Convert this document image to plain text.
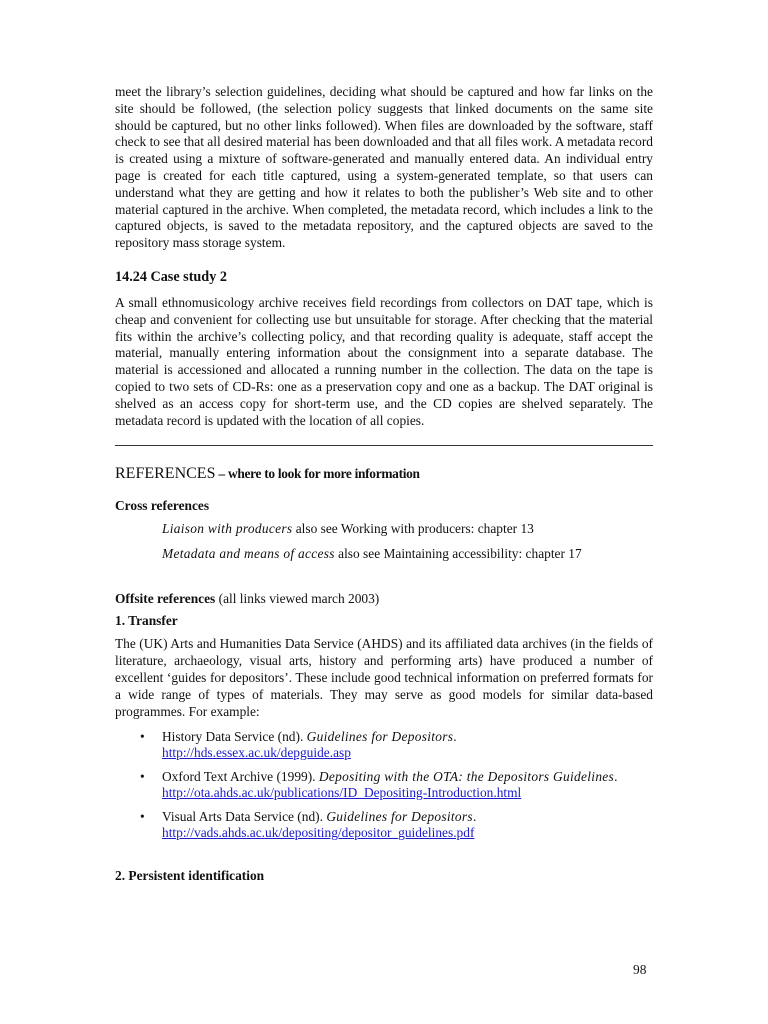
meet the library’s selection guidelines, deciding what should be captured and how far links on the site should be followed, (the selection policy suggests that linked documents on the same site should be captured, but no other links followed). When files are downloaded by the software, staff check to see that all desired material has been downloaded and that all files work. A metadata record is created using a mixture of software-generated and manually entered data. An individual entry page is created for each title captured, using a system-generated template, so that users can understand what they are getting and how it relates to both the publisher’s Web site and to other material captured in the archive. When completed, the metadata record, which includes a link to the captured objects, is saved to the metadata repository, and the captured objects are saved to the repository mass storage system.

14.24 Case study 2

A small ethnomusicology archive receives field recordings from collectors on DAT tape, which is cheap and convenient for collecting use but unsuitable for storage. After checking that the material fits within the archive’s collecting policy, and that recording quality is adequate, staff accept the material, manually entering information about the consignment into a separate database. The material is accessioned and allocated a running number in the collection. The data on the tape is copied to two sets of CD-Rs: one as a preservation copy and one as a backup. The DAT original is shelved as an access copy for short-term use, and the CD copies are shelved separately. The metadata record is updated with the location of all copies.

REFERENCES – where to look for more information
Cross references
Liaison with producers also see Working with producers: chapter 13
Metadata and means of access also see Maintaining accessibility: chapter 17
Offsite references (all links viewed march 2003)
1. Transfer

The (UK) Arts and Humanities Data Service (AHDS) and its affiliated data archives (in the fields of literature, archaeology, visual arts, history and performing arts) have produced a number of excellent ‘guides for depositors’. These include good technical information on preferred formats for a wide range of types of materials. They may serve as good models for similar data-based programmes. For example:

• History Data Service (nd). Guidelines for Depositors.
http://hds.essex.ac.uk/depguide.asp
• Oxford Text Archive (1999). Depositing with the OTA: the Depositors Guidelines.
http://ota.ahds.ac.uk/publications/ID_Depositing-Introduction.html
• Visual Arts Data Service (nd). Guidelines for Depositors.
http://vads.ahds.ac.uk/depositing/depositor_guidelines.pdf
2. Persistent identification
98
